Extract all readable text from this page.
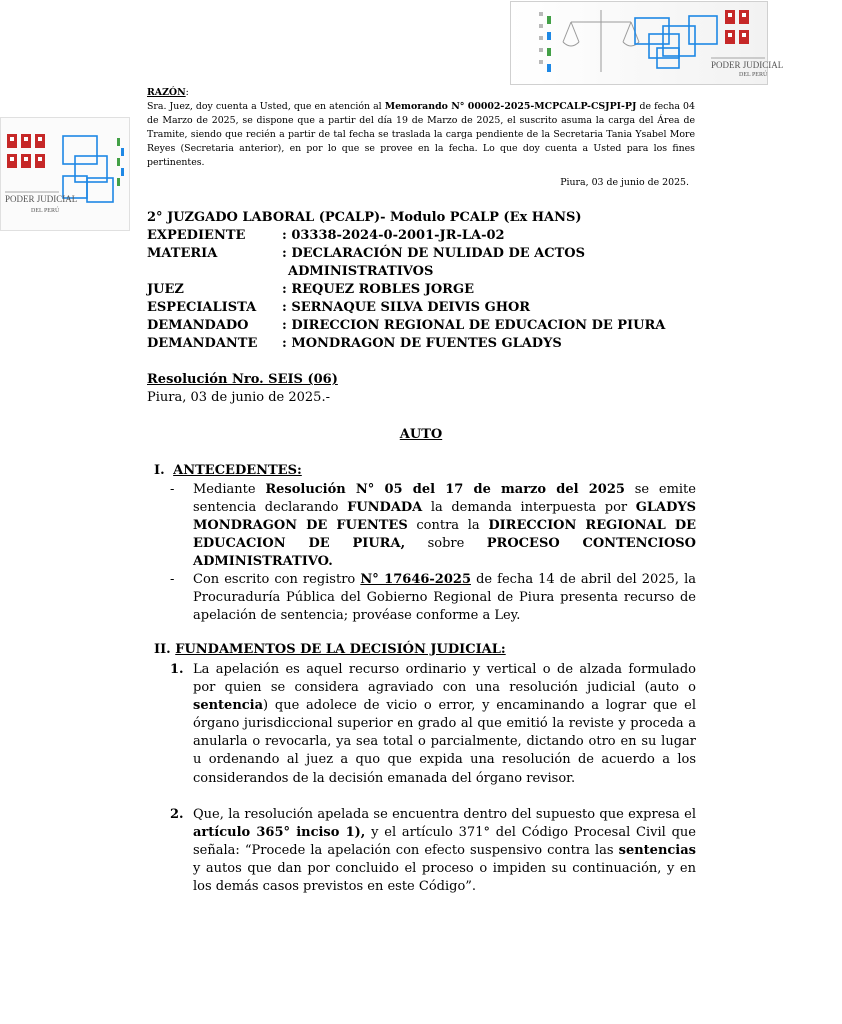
PODER JUDICIAL
DEL PERÚ
PODER JUDICIAL
DEL PERÚ

RAZÓN:

Sra. Juez, doy cuenta a Usted, que en atención al Memorando N° 00002-2025-MCPCALP-CSJPI-PJ de fecha 04 de Marzo de 2025, se dispone que a partir del día 19 de Marzo de 2025, el suscrito asuma la carga del Área de Tramite, siendo que recién a partir de tal fecha se traslada la carga pendiente de la Secretaria Tania Ysabel More Reyes (Secretaria anterior), en por lo que se provee en la fecha. Lo que doy cuenta a Usted para los fines pertinentes.

Piura, 03 de junio de 2025.
2° JUZGADO LABORAL (PCALP)- Modulo PCALP (Ex HANS)
EXPEDIENTE	: 03338-2024-0-2001-JR-LA-02
MATERIA	: DECLARACIÓN DE NULIDAD DE ACTOS
ADMINISTRATIVOS
JUEZ	: REQUEZ ROBLES JORGE
ESPECIALISTA : SERNAQUE SILVA DEIVIS GHOR
DEMANDADO	: DIRECCION REGIONAL DE EDUCACION DE PIURA
DEMANDANTE : MONDRAGON DE FUENTES GLADYS
Resolución Nro. SEIS (06)
Piura, 03 de junio de 2025.-
AUTO
I. ANTECEDENTES:
- Mediante Resolución N° 05 del 17 de marzo del 2025 se emite sentencia declarando FUNDADA la demanda interpuesta por GLADYS MONDRAGON DE FUENTES contra la DIRECCION REGIONAL DE EDUCACION DE PIURA, sobre PROCESO CONTENCIOSO ADMINISTRATIVO.

- Con escrito con registro N° 17646-2025 de fecha 14 de abril del 2025, la Procuraduría Pública del Gobierno Regional de Piura presenta recurso de apelación de sentencia; provéase conforme a Ley.

II. FUNDAMENTOS DE LA DECISIÓN JUDICIAL:
1. La apelación es aquel recurso ordinario y vertical o de alzada formulado por quien se considera agraviado con una resolución judicial (auto o sentencia) que adolece de vicio o error, y encaminando a lograr que el órgano jurisdiccional superior en grado al que emitió la reviste y proceda a anularla o revocarla, ya sea total o parcialmente, dictando otro en su lugar u ordenando al juez a quo que expida una resolución de acuerdo a los considerandos de la decisión emanada del órgano revisor.

2. Que, la resolución apelada se encuentra dentro del supuesto que expresa el artículo 365° inciso 1), y el artículo 371° del Código Procesal Civil que señala: “Procede la apelación con efecto suspensivo contra las sentencias y autos que dan por concluido el proceso o impiden su continuación, y en los demás casos previstos en este Código”.
